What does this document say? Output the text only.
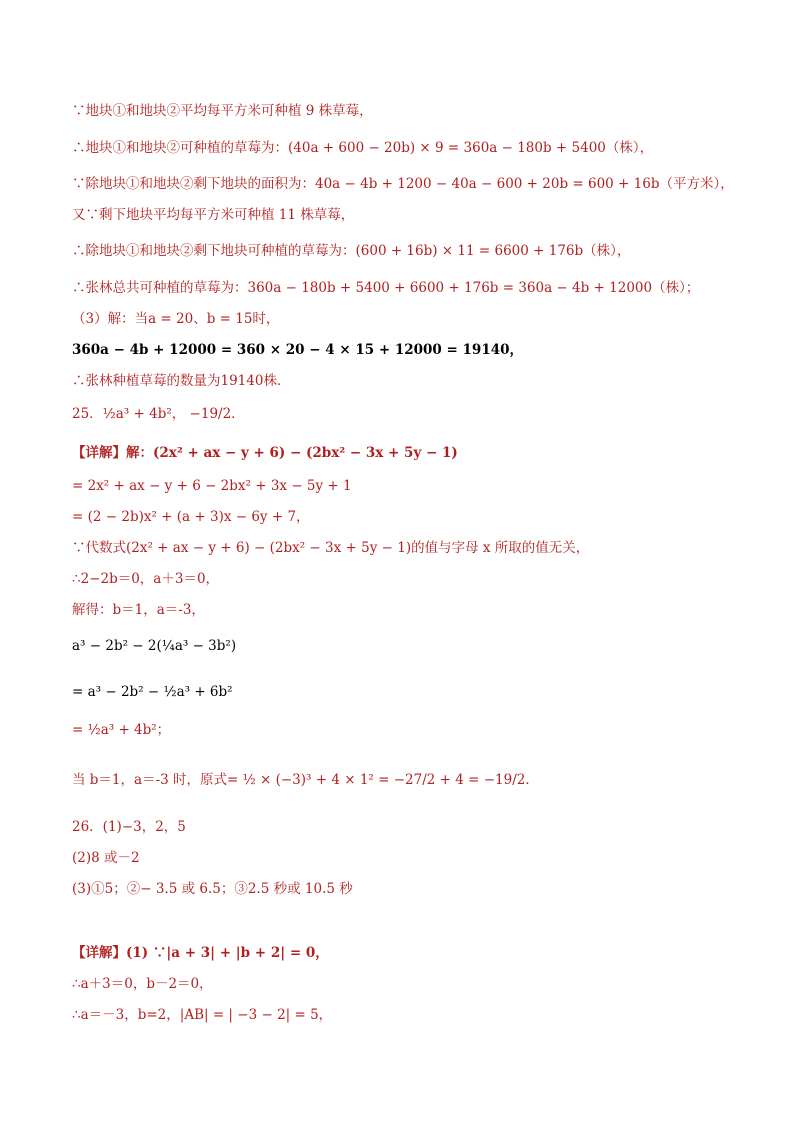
∵地块①和地块②平均每平方米可种植 9 株草莓，
∴地块①和地块②可种植的草莓为：(40a + 600 − 20b) × 9 = 360a − 180b + 5400（株），
∵除地块①和地块②剩下地块的面积为：40a − 4b + 1200 − 40a − 600 + 20b = 600 + 16b（平方米），
又∵剩下地块平均每平方米可种植 11 株草莓，
∴除地块①和地块②剩下地块可种植的草莓为：(600 + 16b) × 11 = 6600 + 176b（株），
∴张林总共可种植的草莓为：360a − 180b + 5400 + 6600 + 176b = 360a − 4b + 12000（株）；
（3）解：当a = 20、b = 15时，
360a − 4b + 12000 = 360 × 20 − 4 × 15 + 12000 = 19140，
∴张林种植草莓的数量为19140株．
25．½a³ + 4b²， −19/2．
【详解】解：(2x² + ax − y + 6) − (2bx² − 3x + 5y − 1)
= 2x² + ax − y + 6 − 2bx² + 3x − 5y + 1
= (2 − 2b)x² + (a + 3)x − 6y + 7，
∵代数式(2x² + ax − y + 6) − (2bx² − 3x + 5y − 1)的值与字母 x 所取的值无关，
∴2−2b＝0，a＋3＝0，
解得：b＝1，a＝-3，
a³ − 2b² − 2(¼a³ − 3b²)
= a³ − 2b² − ½a³ + 6b²
= ½a³ + 4b²；
当 b＝1，a＝-3 时，原式= ½ × (−3)³ + 4 × 1² = −27/2 + 4 = −19/2．
26．(1)−3，2，5
(2)8 或－2
(3)①5；②− 3.5 或 6.5；③2.5 秒或 10.5 秒
【详解】(1) ∵|a + 3| + |b + 2| = 0，
∴a＋3＝0，b－2＝0，
∴a＝－3，b=2，|AB| = | −3 − 2| = 5，
